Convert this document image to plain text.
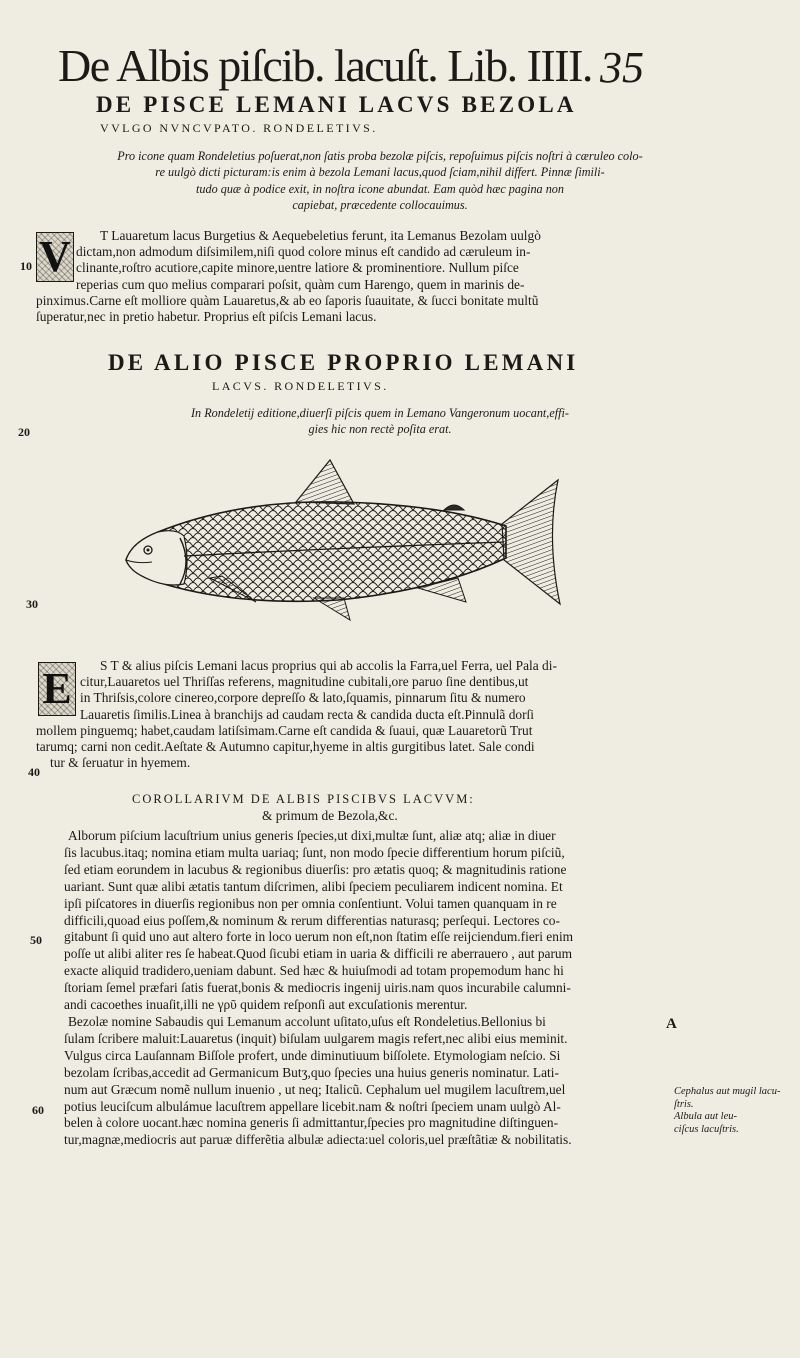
De Albis piſcib. lacuſt. Lib. IIII. 35
DE PISCE LEMANI LACVS BEZOLA
VVLGO NVNCVPATO. RONDELETIVS.
Pro icone quam Rondeletius poſuerat,non ſatis proba bezolæ piſcis, repoſuimus piſcis noſtri à cæruleo colo-
re uulgò dicti picturam:is enim à bezola Lemani lacus,quod ſciam,nihil differt. Pinnæ ſimili-
tudo quæ à podice exit, in noſtra icone abundat. Eam quòd hæc pagina non
capiebat, præcedente collocauimus.
V	T Lauaretum lacus Burgetius & Aequebeletius ferunt, ita Lemanus Bezolam uulgò
dictam,non admodum diſsimilem,niſi quod colore minus eſt candido ad cæruleum in-
clinante,roſtro acutiore,capite minore,uentre latiore & prominentiore. Nullum piſce
reperias cum quo melius comparari poſsit, quàm cum Harengo, quem in marinis de-
pinximus.Carne eſt molliore quàm Lauaretus,& ab eo ſaporis ſuauitate, & ſucci bonitate multũ
ſuperatur,nec in pretio habetur. Proprius eſt piſcis Lemani lacus.
DE ALIO PISCE PROPRIO LEMANI
LACVS. RONDELETIVS.
In Rondeletij editione,diuerſi piſcis quem in Lemano Vangeronum uocant,effi-
gies hic non rectè poſita erat.
E	S T & alius piſcis Lemani lacus proprius qui ab accolis la Farra,uel Ferra, uel Pala di-
citur,Lauaretos uel Thriſſas referens, magnitudine cubitali,ore paruo ſine dentibus,ut
in Thriſsis,colore cinereo,corpore depreſſo & lato,ſquamis, pinnarum ſitu & numero
Lauaretis ſimilis.Linea à branchijs ad caudam recta & candida ducta eſt.Pinnulã dorſi
mollem pinguemq; habet,caudam latiſsimam.Carne eſt candida & ſuaui, quæ Lauaretorũ Trut
tarumq; carni non cedit.Aeſtate & Autumno capitur,hyeme in altis gurgitibus latet. Sale condi
tur & ſeruatur in hyemem.
COROLLARIVM DE ALBIS PISCIBVS LACVVM:
& primum de Bezola,&c.
Alborum piſcium lacuſtrium unius generis ſpecies,ut dixi,multæ ſunt, aliæ atq; aliæ in diuer
ſis lacubus.itaq; nomina etiam multa uariaq; ſunt, non modo ſpecie differentium horum piſciũ,
ſed etiam eorundem in lacubus & regionibus diuerſis: pro ætatis quoq; & magnitudinis ratione
uariant. Sunt quæ alibi ætatis tantum diſcrimen, alibi ſpeciem peculiarem indicent nomina. Et
ipſi piſcatores in diuerſis regionibus non per omnia conſentiunt. Volui tamen quanquam in re
difficili,quoad eius poſſem,& nominum & rerum differentias naturasq; perſequi. Lectores co-
gitabunt ſi quid uno aut altero forte in loco uerum non eſt,non ſtatim eſſe reijciendum.fieri enim
poſſe ut alibi aliter res ſe habeat.Quod ſicubi etiam in uaria & difficili re aberrauero , aut parum
exacte aliquid tradidero,ueniam dabunt. Sed hæc & huiuſmodi ad totam propemodum hanc hi
ſtoriam ſemel præfari ſatis fuerat,bonis & mediocris ingenij uiris.nam quos incurabile calumni-
andi cacoethes inuaſit,illi ne γρῦ quidem reſponſi aut excuſationis merentur.
Bezolæ nomine Sabaudis qui Lemanum accolunt uſitato,uſus eſt Rondeletius.Bellonius bi
ſulam ſcribere maluit:Lauaretus (inquit) biſulam uulgarem magis refert,nec alibi eius meminit.
Vulgus circa Lauſannam Biſſole profert, unde diminutiuum biſſolete. Etymologiam neſcio. Si
bezolam ſcribas,accedit ad Germanicum Butʒ,quo ſpecies una huius generis nominatur. Lati-
num aut Græcum nomẽ nullum inuenio , ut neq; Italicũ. Cephalum uel mugilem lacuſtrem,uel
potius leuciſcum albulámue lacuſtrem appellare licebit.nam & noſtri ſpeciem unam uulgò Al-
belen à colore uocant.hæc nomina generis ſi admittantur,ſpecies pro magnitudine diſtinguen-
tur,magnæ,mediocris aut paruæ differẽtia albulæ adiecta:uel coloris,uel præſtãtiæ & nobilitatis.
10
20
30
40
50
60
A
Cephalus aut mugil lacu-
ſtris.
Albula aut leu-
ciſcus lacuſtris.
